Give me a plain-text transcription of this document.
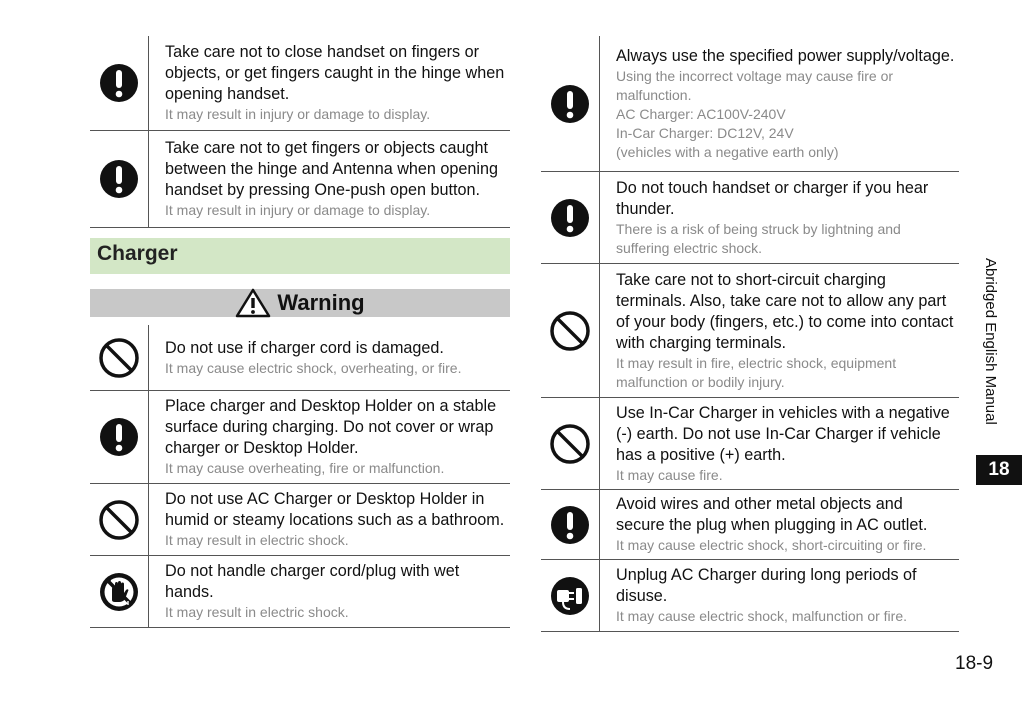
Take care not to close handset on fingers or objects, or get fingers caught in the hinge when opening handset.
It may result in injury or damage to display.
Take care not to get fingers or objects caught between the hinge and Antenna when opening handset by pressing One-push open button.
It may result in injury or damage to display.
Charger
Warning
Do not use if charger cord is damaged.
It may cause electric shock, overheating, or fire.
Place charger and Desktop Holder on a stable surface during charging. Do not cover or wrap charger or Desktop Holder.
It may cause overheating, fire or malfunction.
Do not use AC Charger or Desktop Holder in humid or steamy locations such as a bathroom.
It may result in electric shock.
Do not handle charger cord/plug with wet hands.
It may result in electric shock.
Always use the specified power supply/voltage.
Using the incorrect voltage may cause fire or malfunction.
AC Charger: AC100V-240V
In-Car Charger: DC12V, 24V
(vehicles with a negative earth only)
Do not touch handset or charger if you hear thunder.
There is a risk of being struck by lightning and suffering electric shock.
Take care not to short-circuit charging terminals. Also, take care not to allow any part of your body (fingers, etc.) to come into contact with charging terminals.
It may result in fire, electric shock, equipment malfunction or bodily injury.
Use In-Car Charger in vehicles with a negative (-) earth. Do not use In-Car Charger if vehicle has a positive (+) earth.
It may cause fire.
Avoid wires and other metal objects and secure the plug when plugging in AC outlet.
It may cause electric shock, short-circuiting or fire.
Unplug AC Charger during long periods of disuse.
It may cause electric shock, malfunction or fire.
Abridged English Manual
18
18-9
